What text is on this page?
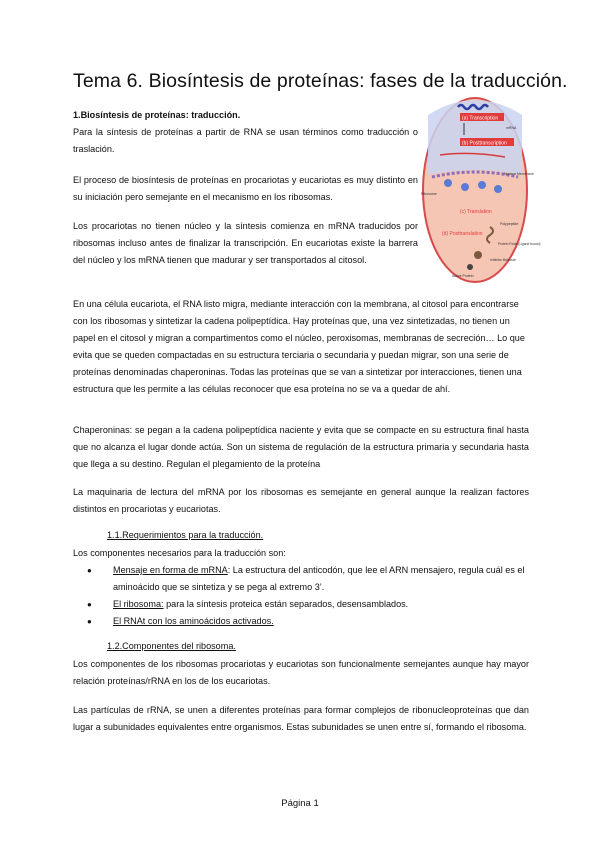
Tema 6. Biosíntesis de proteínas: fases de la traducción.

1.Biosíntesis de proteínas: traducción.

Para la síntesis de proteínas a partir de RNA se usan términos como traducción o traslación.

El proceso de biosíntesis de proteínas en procariotas y eucariotas es muy distinto en su iniciación pero semejante en el mecanismo en los ribosomas.

Los procariotas no tienen núcleo y la síntesis comienza en mRNA traducidos por ribosomas incluso antes de finalizar la transcripción. En eucariotas existe la barrera del núcleo y los mRNA tienen que madurar y ser transportados al citosol.

En una célula eucariota, el RNA listo migra, mediante interacción con la membrana, al citosol para encontrarse con los ribosomas y sintetizar la cadena polipeptídica. Hay proteínas que, una vez sintetizadas, no tienen un papel en el citosol y migran a compartimentos como el núcleo, peroxisomas, membranas de secreción… Lo que evita que se queden compactadas en su estructura terciaria o secundaria y puedan migrar, son una serie de proteínas denominadas chaperoninas. Todas las proteínas que se van a sintetizar por interacciones, tienen una estructura que les permite a las células reconocer que esa proteína no se va a quedar de ahí.

Chaperoninas: se pegan a la cadena polipeptídica naciente y evita que se compacte en su estructura final hasta que no alcanza el lugar donde actúa. Son un sistema de regulación de la estructura primaria y secundaria hasta que llega a su destino. Regulan el plegamiento de la proteína

La maquinaria de lectura del mRNA por los ribosomas es semejante en general aunque la realizan factores distintos en procariotas y eucariotas.

1.1.Requerimientos para la traducción.

Los componentes necesarios para la traducción son:

● Mensaje en forma de mRNA: La estructura del anticodón, que lee el ARN mensajero, regula cuál es el aminoácido que se sintetiza y se pega al extremo 3’.
● El ribosoma: para la síntesis proteica están separados, desensamblados.
● El RNAt con los aminoácidos activados.

1.2.Componentes del ribosoma.

Los componentes de los ribosomas procariotas y eucariotas son funcionalmente semejantes aunque hay mayor relación proteínas/rRNA en los de los eucariotas.

Las partículas de rRNA, se unen a diferentes proteínas para formar complejos de ribonucleoproteínas que dan lugar a subunidades equivalentes entre organismos. Estas subunidades se unen entre sí, formando el ribosoma.

(a) Transcription
mRNA
(b) Posttranscription
Nuclear Membrane
Ribosome
(c) Translation
Polypeptide
(d) Posttranslation
Protein Folds (Ligand bound)
Inhibitor Molecule
Active Protein
Página 1
